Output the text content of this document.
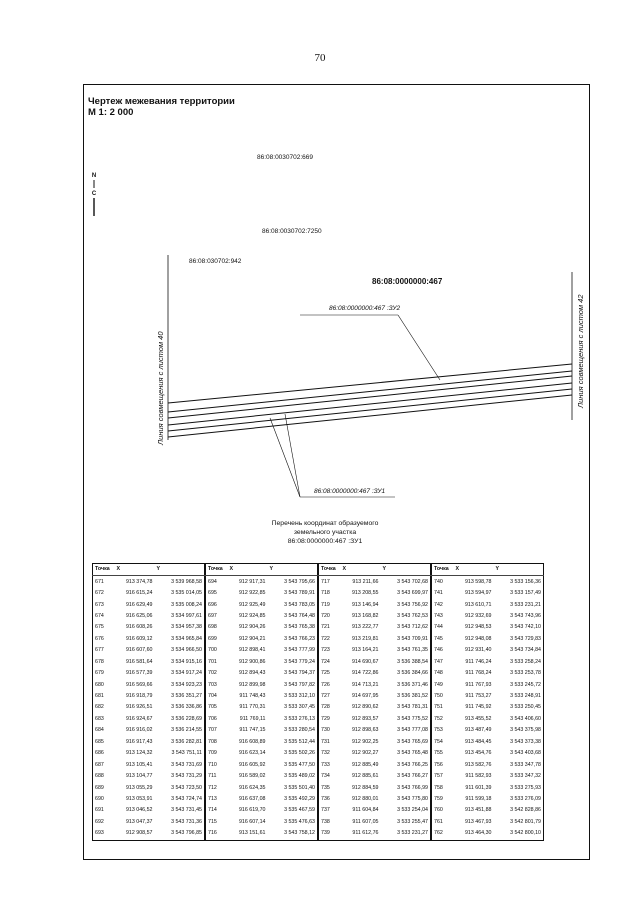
70
Чертеж межевания территории
М 1: 2 000
N
C
86:08:0030702:669
86:08:0030702:7250
86:08:030702:942
86:08:0000000:467
86:08:0000000:467 :ЗУ2
86:08:0000000:467 :ЗУ1
Линия совмещения с листом 40	Линия совмещения с листом 42
Перечень координат образуемого
земельного участка
86:08:0000000:467 :ЗУ1
Точка	X	Y
671	913 374,78	3 539 968,58
672	916 615,24	3 535 014,05
673	916 629,49	3 535 008,24
674	916 625,06	3 534 997,61
675	916 608,26	3 534 957,38
676	916 609,12	3 534 965,84
677	916 607,60	3 534 966,50
678	916 581,64	3 534 915,16
679	916 577,39	3 534 917,24
680	916 569,66	3 534 923,23
681	916 918,79	3 536 351,27
682	916 926,51	3 536 336,86
683	916 924,67	3 536 228,69
684	916 916,02	3 536 214,55
685	916 917,43	3 536 282,81
686	913 124,32	3 543 751,11
687	913 105,41	3 543 731,69
688	913 104,77	3 543 731,29
689	913 055,29	3 543 723,50
690	913 053,91	3 543 724,74
691	913 046,52	3 543 731,45
692	913 047,37	3 543 731,36
693	912 908,57	3 543 796,85
Точка	X	Y
694	912 917,31	3 543 795,66
695	912 922,85	3 543 789,91
696	912 925,49	3 543 783,05
697	912 924,85	3 543 764,48
698	912 904,26	3 543 765,38
699	912 904,21	3 543 766,23
700	912 898,41	3 543 777,99
701	912 900,86	3 543 779,24
702	912 894,43	3 543 794,37
703	912 899,98	3 543 797,82
704	911 748,43	3 533 312,10
705	911 770,31	3 533 307,45
706	911 769,11	3 533 276,13
707	911 747,15	3 533 280,54
708	916 608,89	3 535 512,44
709	916 623,14	3 535 502,26
710	916 605,92	3 535 477,50
711	916 589,02	3 535 489,02
712	916 624,35	3 535 501,40
713	916 637,08	3 535 492,29
714	916 619,70	3 535 467,59
715	916 607,14	3 535 476,63
716	913 151,61	3 543 758,12
Точка	X	Y
717	913 211,66	3 543 702,68
718	913 208,55	3 543 699,97
719	913 146,94	3 543 756,92
720	913 168,82	3 543 762,53
721	913 222,77	3 543 712,62
722	913 219,81	3 543 709,91
723	913 164,21	3 543 761,35
724	914 690,67	3 536 388,54
725	914 722,86	3 536 384,66
726	914 713,21	3 536 371,46
727	914 697,95	3 536 381,52
728	912 890,62	3 543 781,31
729	912 893,57	3 543 775,52
730	912 898,63	3 543 777,08
731	912 902,25	3 543 765,69
732	912 902,27	3 543 765,48
733	912 885,49	3 543 766,25
734	912 885,61	3 543 766,27
735	912 884,59	3 543 766,99
736	912 880,01	3 543 775,80
737	911 604,84	3 533 254,04
738	911 607,05	3 533 255,47
739	911 612,76	3 533 231,27
Точка	X	Y
740	913 598,78	3 533 156,36
741	913 594,97	3 533 157,49
742	913 610,71	3 533 231,21
743	912 932,69	3 543 743,96
744	912 948,53	3 543 742,10
745	912 948,08	3 543 729,83
746	912 931,40	3 543 734,84
747	911 746,24	3 533 258,24
748	911 768,24	3 533 253,78
749	911 767,93	3 533 245,72
750	911 753,27	3 533 248,91
751	911 745,92	3 533 250,45
752	913 455,52	3 543 406,60
753	913 487,49	3 543 375,98
754	913 484,45	3 543 373,38
755	913 454,76	3 543 403,68
756	913 582,76	3 533 347,78
757	911 582,93	3 533 347,32
758	911 601,39	3 533 275,93
759	911 599,18	3 533 276,09
760	913 451,88	3 542 828,86
761	913 467,93	3 542 801,79
762	913 464,30	3 542 800,10
